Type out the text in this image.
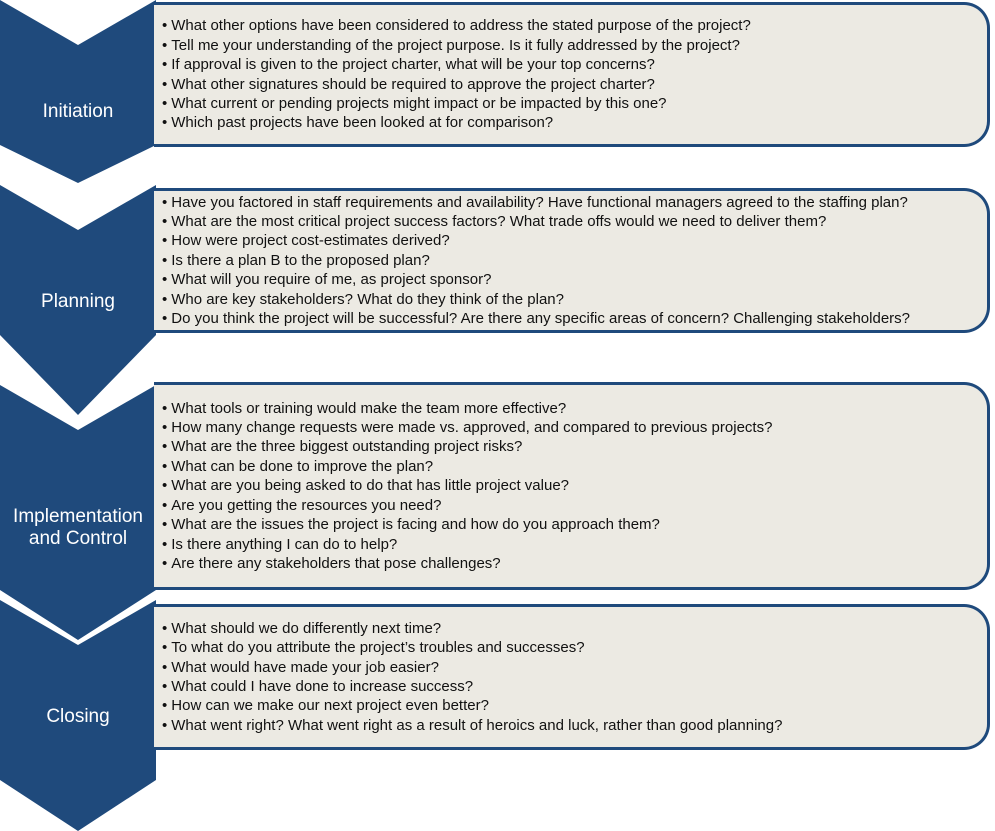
Initiation
• What other options have been considered to address the stated purpose of the project?
• Tell me your understanding of the project purpose. Is it fully addressed by the project?
• If approval is given to the project charter, what will be your top concerns?
• What other signatures should be required to approve the project charter?
• What current or pending projects might impact or be impacted by this one?
• Which past projects have been looked at for comparison?
Planning
• Have you factored in staff requirements and availability? Have functional managers agreed to the staffing plan?
• What are the most critical project success factors? What trade offs would we need to deliver them?
• How were project cost-estimates derived?
• Is there a plan B to the proposed plan?
• What will you require of me, as project sponsor?
• Who are key stakeholders? What do they think of the plan?
• Do you think the project will be successful? Are there any specific areas of concern? Challenging stakeholders?
Implementation and Control
• What tools or training would make the team more effective?
• How many change requests were made vs. approved, and compared to previous projects?
• What are the three biggest outstanding project risks?
• What can be done to improve the plan?
• What are you being asked to do that has little project value?
• Are you getting the resources you need?
• What are the issues the project is facing and how do you approach them?
• Is there anything I can do to help?
• Are there any stakeholders that pose challenges?
Closing
• What should we do differently next time?
• To what do you attribute the project’s troubles and successes?
• What would have made your job easier?
• What could I have done to increase success?
• How can we make our next project even better?
• What went right? What went right as a result of heroics and luck, rather than good planning?
